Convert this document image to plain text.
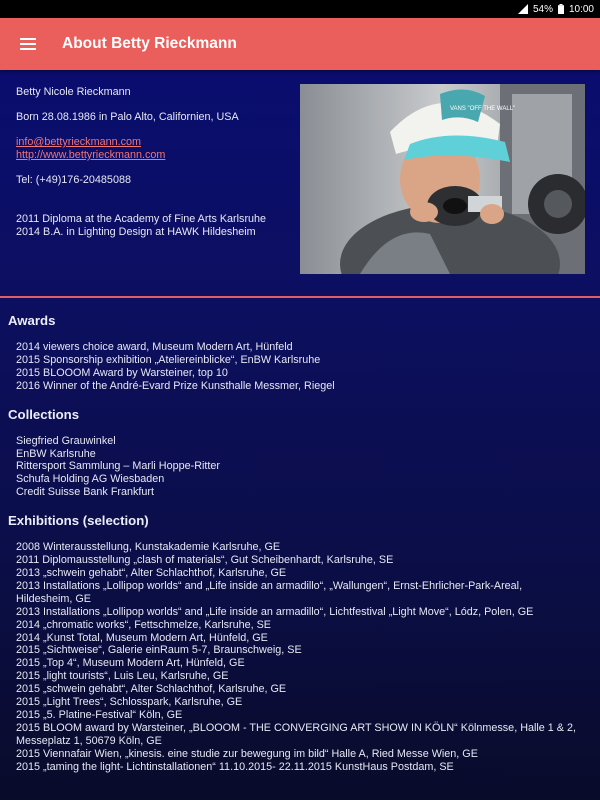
54% 10:00
About Betty Rieckmann

Betty Nicole Rieckmann

Born 28.08.1986 in Palo Alto, Californien, USA

info@bettyrieckmann.com

http://www.bettyrieckmann.com

Tel: (+49)176-20485088

2011 Diploma at the Academy of Fine Arts Karlsruhe

2014 B.A. in Lighting Design at HAWK Hildesheim

VANS "OFF THE WALL"
Awards
2014 viewers choice award, Museum Modern Art, Hünfeld
2015 Sponsorship exhibition „Ateliereinblicke“, EnBW Karlsruhe
2015 BLOOOM Award by Warsteiner, top 10
2016 Winner of the André-Evard Prize Kunsthalle Messmer, Riegel
Collections
Siegfried Grauwinkel
EnBW Karlsruhe
Rittersport Sammlung – Marli Hoppe-Ritter
Schufa Holding AG Wiesbaden
Credit Suisse Bank Frankfurt
Exhibitions (selection)
2008 Winterausstellung, Kunstakademie Karlsruhe, GE
2011 Diplomausstellung „clash of materials“, Gut Scheibenhardt, Karlsruhe, SE
2013 „schwein gehabt“, Alter Schlachthof, Karlsruhe, GE
2013 Installations „Lollipop worlds“ and „Life inside an armadillo“, „Wallungen“, Ernst-Ehrlicher-Park-Areal, Hildesheim, GE
2013 Installations „Lollipop worlds“ and „Life inside an armadillo“, Lichtfestival „Light Move“, Lódz, Polen, GE
2014 „chromatic works“, Fettschmelze, Karlsruhe, SE
2014 „Kunst Total, Museum Modern Art, Hünfeld, GE
2015 „Sichtweise“, Galerie einRaum 5-7, Braunschweig, SE
2015 „Top 4“, Museum Modern Art, Hünfeld, GE
2015 „light tourists“, Luis Leu, Karlsruhe, GE
2015 „schwein gehabt“, Alter Schlachthof, Karlsruhe, GE
2015 „Light Trees“, Schlosspark, Karlsruhe, GE
2015 „5. Platine-Festival“ Köln, GE
2015 BLOOM award by Warsteiner, „BLOOOM - THE CONVERGING ART SHOW IN KÖLN“ Kölnmesse, Halle 1 & 2, Messeplatz 1, 50679 Köln, GE
2015 Viennafair Wien, „kinesis. eine studie zur bewegung im bild“ Halle A, Ried Messe Wien, GE
2015 „taming the light- Lichtinstallationen“ 11.10.2015- 22.11.2015 KunstHaus Postdam, SE
